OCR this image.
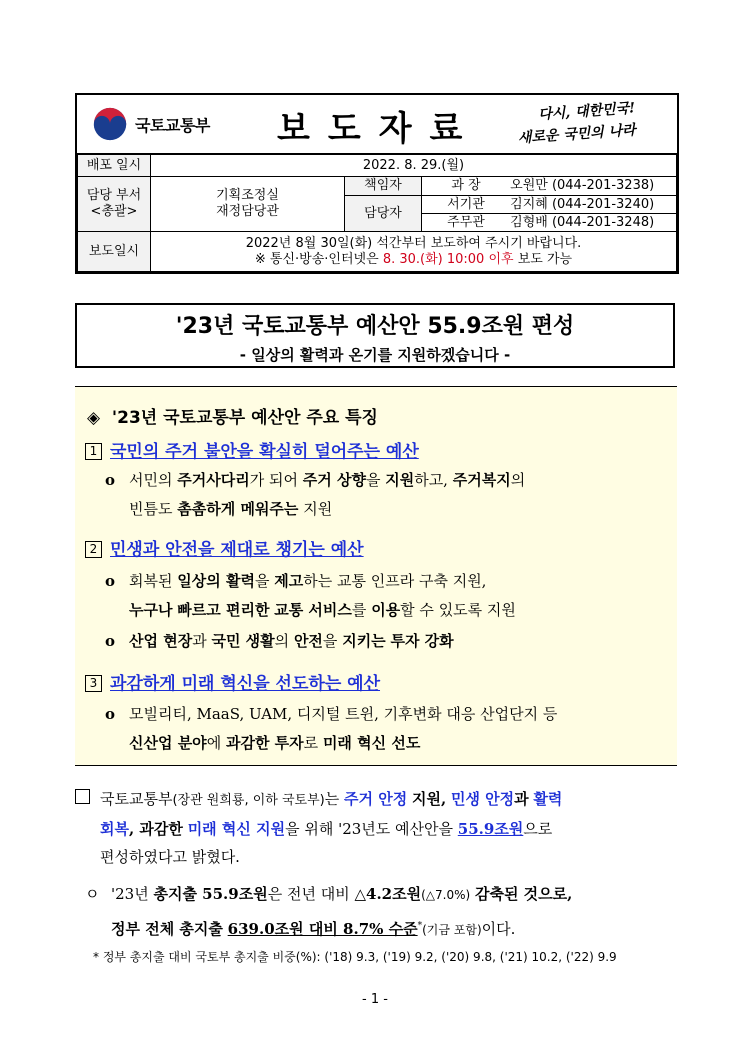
국토교통부 보도자료	다시, 대한민국!
새로운 국민의 나라
배포 일시	2022. 8. 29.(월)		
담당 부서
<총괄>	기획조정실
재정담당관	책임자	과 장 오원만 (044-201-3238)
		담당자	서기관 김지혜 (044-201-3240)
			주무관 김형배 (044-201-3248)
보도일시	2022년 8월 30일(화) 석간부터 보도하여 주시기 바랍니다.
※ 통신·방송·인터넷은 8. 30.(화) 10:00 이후 보도 가능		
'23년 국토교통부 예산안 55.9조원 편성
- 일상의 활력과 온기를 지원하겠습니다 -
◈ '23년 국토교통부 예산안 주요 특징
1 국민의 주거 불안을 확실히 덜어주는 예산
o 서민의 주거사다리가 되어 주거 상향을 지원하고, 주거복지의
빈틈도 촘촘하게 메워주는 지원
2 민생과 안전을 제대로 챙기는 예산
o 회복된 일상의 활력을 제고하는 교통 인프라 구축 지원,
누구나 빠르고 편리한 교통 서비스를 이용할 수 있도록 지원
o 산업 현장과 국민 생활의 안전을 지키는 투자 강화
3 과감하게 미래 혁신을 선도하는 예산
o 모빌리티, MaaS, UAM, 디지털 트윈, 기후변화 대응 산업단지 등
신산업 분야에 과감한 투자로 미래 혁신 선도
국토교통부(장관 원희룡, 이하 국토부)는 주거 안정 지원, 민생 안정과 활력
회복, 과감한 미래 혁신 지원을 위해 '23년도 예산안을 55.9조원으로
편성하였다고 밝혔다.
ㅇ '23년 총지출 55.9조원은 전년 대비 △4.2조원(△7.0%) 감축된 것으로,
정부 전체 총지출 639.0조원 대비 8.7% 수준*(기금 포함)이다.
* 정부 총지출 대비 국토부 총지출 비중(%): ('18) 9.3, ('19) 9.2, ('20) 9.8, ('21) 10.2, ('22) 9.9
- 1 -
